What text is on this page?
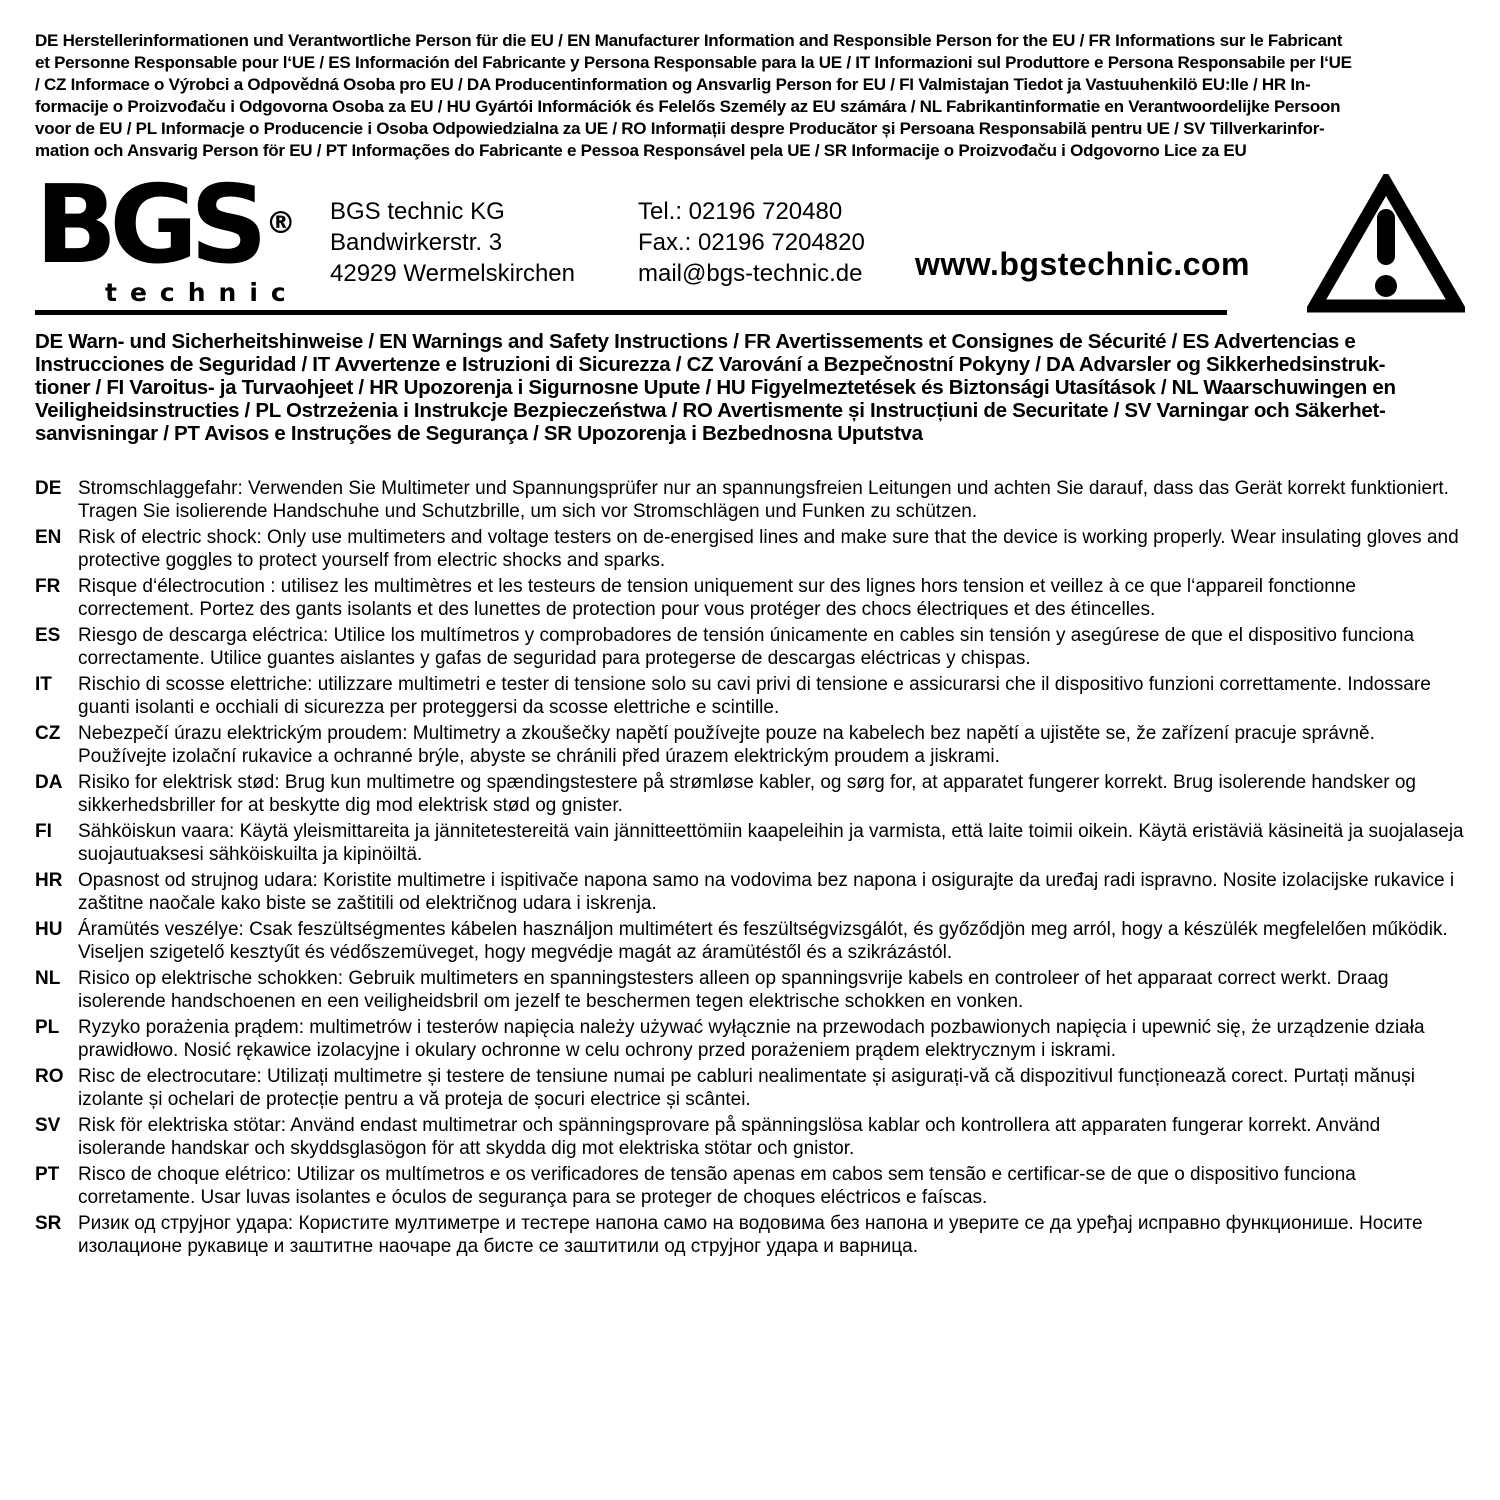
DE Herstellerinformationen und Verantwortliche Person für die EU / EN Manufacturer Information and Responsible Person for the EU / FR Informations sur le Fabricant
et Personne Responsable pour l‘UE / ES Información del Fabricante y Persona Responsable para la UE / IT Informazioni sul Produttore e Persona Responsabile per l‘UE
/ CZ Informace o Výrobci a Odpovědná Osoba pro EU / DA Producentinformation og Ansvarlig Person for EU / FI Valmistajan Tiedot ja Vastuuhenkilö EU:lle / HR In-
formacije o Proizvođaču i Odgovorna Osoba za EU / HU Gyártói Információk és Felelős Személy az EU számára / NL Fabrikantinformatie en Verantwoordelijke Persoon
voor de EU / PL Informacje o Producencie i Osoba Odpowiedzialna za UE / RO Informații despre Producător și Persoana Responsabilă pentru UE / SV Tillverkarinfor-
mation och Ansvarig Person för EU / PT Informações do Fabricante e Pessoa Responsável pela UE / SR Informacije o Proizvođaču i Odgovorno Lice za EU
BGS ®
technic
BGS technic KG
Bandwirkerstr. 3
42929 Wermelskirchen
Tel.: 02196 720480
Fax.: 02196 7204820
mail@bgs-technic.de www.bgstechnic.com
DE Warn- und Sicherheitshinweise / EN Warnings and Safety Instructions / FR Avertissements et Consignes de Sécurité / ES Advertencias e
Instrucciones de Seguridad / IT Avvertenze e Istruzioni di Sicurezza / CZ Varování a Bezpečnostní Pokyny / DA Advarsler og Sikkerhedsinstruk-
tioner / FI Varoitus- ja Turvaohjeet / HR Upozorenja i Sigurnosne Upute / HU Figyelmeztetések és Biztonsági Utasítások / NL Waarschuwingen en
Veiligheidsinstructies / PL Ostrzeżenia i Instrukcje Bezpieczeństwa / RO Avertismente și Instrucțiuni de Securitate / SV Varningar och Säkerhet-
sanvisningar / PT Avisos e Instruções de Segurança / SR Upozorenja i Bezbednosna Uputstva
DE Stromschlaggefahr: Verwenden Sie Multimeter und Spannungsprüfer nur an spannungsfreien Leitungen und achten Sie darauf, dass das Gerät korrekt funktioniert. Tragen Sie isolierende Handschuhe und Schutzbrille, um sich vor Stromschlägen und Funken zu schützen.
EN Risk of electric shock: Only use multimeters and voltage testers on de-energised lines and make sure that the device is working properly. Wear insulating gloves and protective goggles to protect yourself from electric shocks and sparks.
FR Risque d‘électrocution : utilisez les multimètres et les testeurs de tension uniquement sur des lignes hors tension et veillez à ce que l‘appareil fonctionne correctement. Portez des gants isolants et des lunettes de protection pour vous protéger des chocs électriques et des étincelles.
ES Riesgo de descarga eléctrica: Utilice los multímetros y comprobadores de tensión únicamente en cables sin tensión y asegúrese de que el dispositivo funciona correctamente. Utilice guantes aislantes y gafas de seguridad para protegerse de descargas eléctricas y chispas.
IT	Rischio di scosse elettriche: utilizzare multimetri e tester di tensione solo su cavi privi di tensione e assicurarsi che il dispositivo funzioni correttamente. Indossare guanti isolanti e occhiali di sicurezza per proteggersi da scosse elettriche e scintille.
CZ Nebezpečí úrazu elektrickým proudem: Multimetry a zkoušečky napětí používejte pouze na kabelech bez napětí a ujistěte se, že zařízení pracuje správně. Používejte izolační rukavice a ochranné brýle, abyste se chránili před úrazem elektrickým proudem a jiskrami.
DA Risiko for elektrisk stød: Brug kun multimetre og spændingstestere på strømløse kabler, og sørg for, at apparatet fungerer korrekt. Brug isolerende handsker og sikkerhedsbriller for at beskytte dig mod elektrisk stød og gnister.
FI	Sähköiskun vaara: Käytä yleismittareita ja jännitetestereitä vain jännitteettömiin kaapeleihin ja varmista, että laite toimii oikein. Käytä eristäviä käsineitä ja suojalaseja suojautuaksesi sähköiskuilta ja kipinöiltä.
HR Opasnost od strujnog udara: Koristite multimetre i ispitivače napona samo na vodovima bez napona i osigurajte da uređaj radi ispravno. Nosite izolacijske rukavice i zaštitne naočale kako biste se zaštitili od električnog udara i iskrenja.
HU Áramütés veszélye: Csak feszültségmentes kábelen használjon multimétert és feszültségvizsgálót, és győződjön meg arról, hogy a készülék megfelelően működik. Viseljen szigetelő kesztyűt és védőszemüveget, hogy megvédje magát az áramütéstől és a szikrázástól.
NL Risico op elektrische schokken: Gebruik multimeters en spanningstesters alleen op spanningsvrije kabels en controleer of het apparaat correct werkt. Draag isolerende handschoenen en een veiligheidsbril om jezelf te beschermen tegen elektrische schokken en vonken.
PL Ryzyko porażenia prądem: multimetrów i testerów napięcia należy używać wyłącznie na przewodach pozbawionych napięcia i upewnić się, że urządzenie działa prawidłowo. Nosić rękawice izolacyjne i okulary ochronne w celu ochrony przed porażeniem prądem elektrycznym i iskrami.
RO Risc de electrocutare: Utilizați multimetre și testere de tensiune numai pe cabluri nealimentate și asigurați-vă că dispozitivul funcționează corect. Purtați mănuși izolante și ochelari de protecție pentru a vă proteja de șocuri electrice și scântei.
SV Risk för elektriska stötar: Använd endast multimetrar och spänningsprovare på spänningslösa kablar och kontrollera att apparaten fungerar korrekt. Använd isolerande handskar och skyddsglasögon för att skydda dig mot elektriska stötar och gnistor.
PT Risco de choque elétrico: Utilizar os multímetros e os verificadores de tensão apenas em cabos sem tensão e certificar-se de que o dispositivo funciona corretamente. Usar luvas isolantes e óculos de segurança para se proteger de choques eléctricos e faíscas.
SR Ризик од струјног удара: Користите мултиметре и тестере напона само на водовима без напона и уверите се да уређај исправно функционише. Носите изолационе рукавице и заштитне наочаре да бисте се заштитили од струјног удара и варница.
